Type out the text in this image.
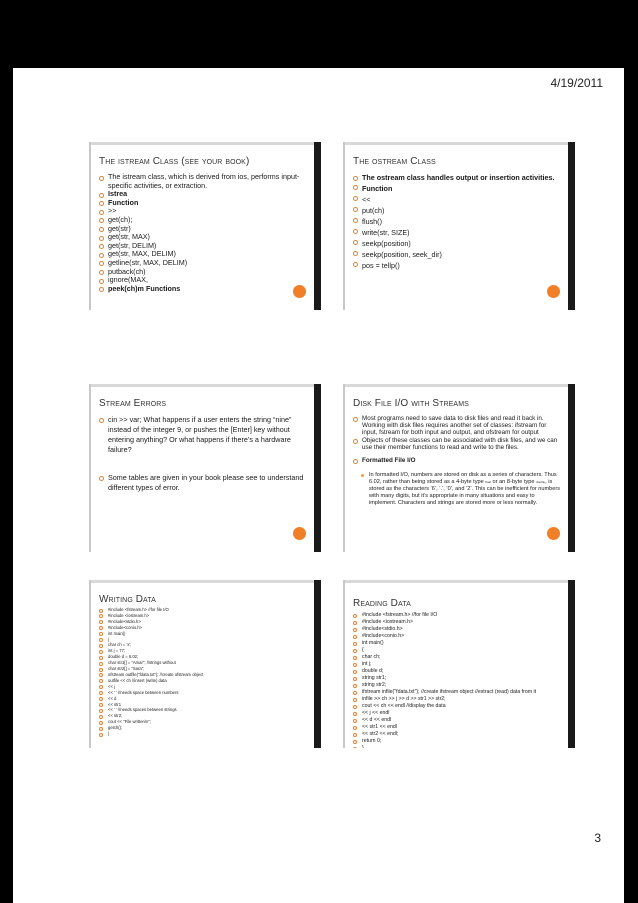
4/19/2011
The istream Class (see your book)
The istream class, which is derived from ios, performs input-specific activities, or extraction.
Istrea
Function
>>
get(ch);
get(str)
get(str, MAX)
get(str, DELIM)
get(str, MAX, DELIM)
getline(str, MAX, DELIM)
putback(ch)
ignore(MAX,
peek(ch)m Functions
The ostream Class
The ostream class handles output or insertion activities.
Function
<<
put(ch)
flush()
write(str, SIZE)
seekp(position)
seekp(position, seek_dir)
pos = tellp()
Stream Errors
cin >> var; What happens if a user enters the string “nine” instead of the integer 9, or pushes the [Enter] key without entering anything? Or what happens if there’s a hardware failure?
Some tables are given in your book please see to understand different types of error.
Disk File I/O with Streams
Most programs need to save data to disk files and read it back in. Working with disk files requires another set of classes: ifstream for input, fstream for both input and output, and ofstream for output
Objects of these classes can be associated with disk files, and we can use their member functions to read and write to the files.
Formatted File I/O
In formatted I/O, numbers are stored on disk as a series of characters. Thus 6.02, rather than being stored as a 4-byte type float or an 8-byte type double, is stored as the characters ‘6’, ‘.’, ‘0’, and ‘2’. This can be inefficient for numbers with many digits, but it’s appropriate in many situations and easy to implement. Characters and strings are stored more or less normally.
Writing Data
#include <fstream.h> //for file I/O
#include <iostream.h>
#include<stdio.h>
#include<conio.h>
int main()
{
char ch = 'x';
int j = 77;
double d = 6.02;
char str1[] = "Amar"; //strings without
char str2[] = "Sara";
ofstream outfile("fdata.txt"); //create ofstream object
outfile << ch //insert (write) data
<< j
<< ' ' //needs space between numbers
<< d
<< str1
<< ' ' //needs spaces between strings
<< str2;
cout << "File written\n";
getch();
}
Reading Data
#include <fstream.h> //for file I/O
#include <iostream.h>
#include<stdio.h>
#include<conio.h>
int main()
{
char ch;
int j;
double d;
string str1;
string str2;
ifstream infile("fdata.txt"); //create ifstream object //extract (read) data from it
infile >> ch >> j >> d >> str1 >> str2;
cout << ch << endl //display the data
<< j << endl
<< d << endl
<< str1 << endl
<< str2 << endl;
return 0;
}
3
